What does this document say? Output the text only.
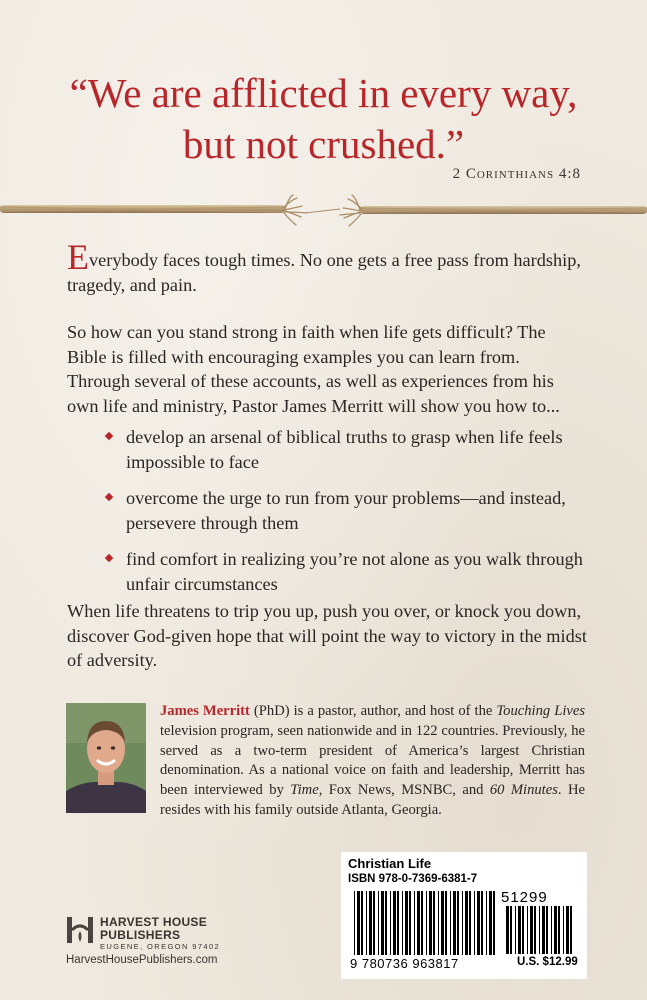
“We are afflicted in every way,
but not crushed.”
2 Corinthians 4:8
Everybody faces tough times. No one gets a free pass from hardship, tragedy, and pain.
So how can you stand strong in faith when life gets difficult? The Bible is filled with encouraging examples you can learn from. Through several of these accounts, as well as experiences from his own life and ministry, Pastor James Merritt will show you how to...
develop an arsenal of biblical truths to grasp when life feels impossible to face
overcome the urge to run from your problems—and instead, persevere through them
find comfort in realizing you’re not alone as you walk through unfair circumstances
When life threatens to trip you up, push you over, or knock you down, discover God-given hope that will point the way to victory in the midst of adversity.
James Merritt (PhD) is a pastor, author, and host of the Touching Lives television program, seen nationwide and in 122 countries. Previously, he served as a two-term president of America’s largest Christian denomination. As a national voice on faith and leadership, Merritt has been interviewed by Time, Fox News, MSNBC, and 60 Minutes. He resides with his family outside Atlanta, Georgia.
Christian Life
ISBN 978-0-7369-6381-7
51299
9 780736 963817	U.S. $12.99
HARVEST HOUSE PUBLISHERS
EUGENE, OREGON 97402
HarvestHousePublishers.com
